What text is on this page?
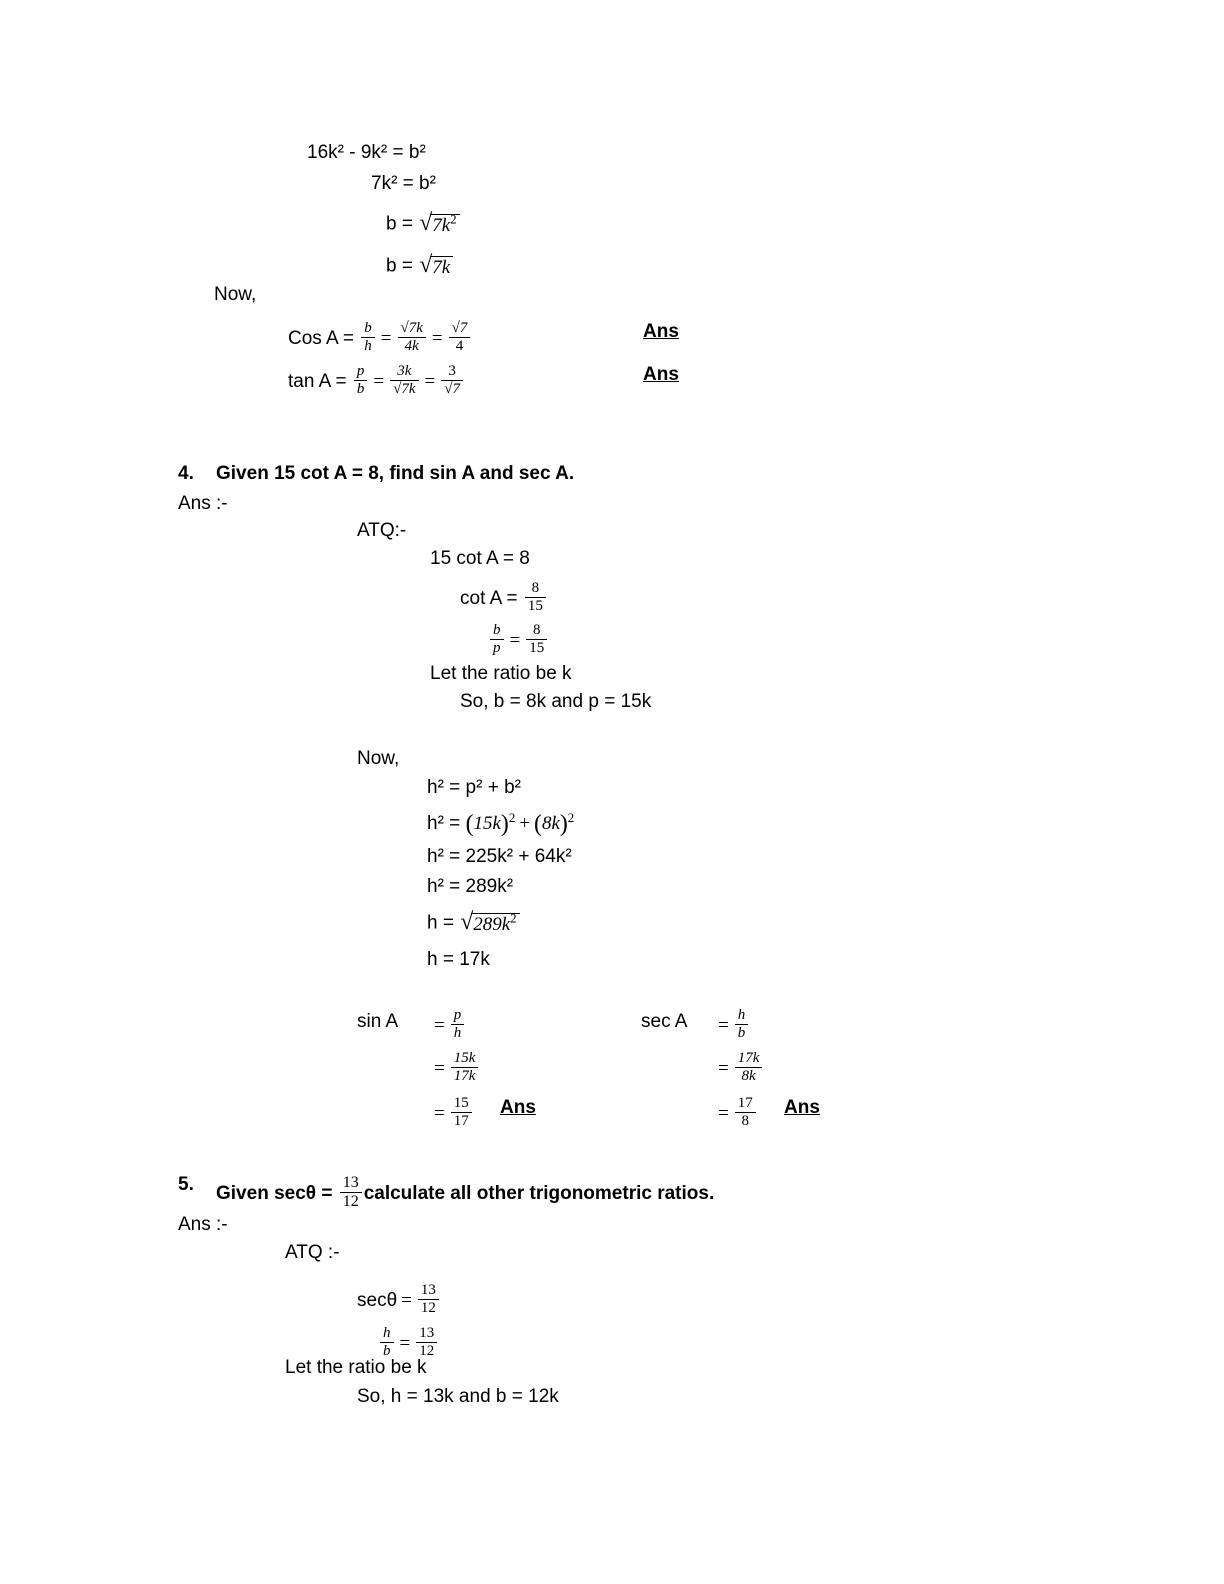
16k² - 9k² = b²
7k² = b²
b = √ $7k^2$
b = √ 7k
Now,
Cos $A = \frac{b}{h} = \frac{√7k}{4k} = \frac{√7}{4}$	Ans
$\tan A = \frac{p}{b} = \frac{3k}{√7k} = \frac{3}{√7}$	Ans
4. Given 15 cot A = 8, find sin A and sec A.
Ans :-
ATQ:-
15 cot A = 8
$\cot A = \frac{8}{15}$
$\frac{b}{p} = \frac{8}{15}$
Let the ratio be k
So, b = 8k and p = 15k
Now,
h² = p² + b²
$h^2 = (15k)^2 + (8k)^2$
h² = 225k² + 64k²
h² = 289k²
h = √ $289k^2$
h = 17k
$\sin A = \frac{p}{h}$
= $\frac{15k}{17k}$
= $\frac{15}{17}$ Ans
$\sec A = \frac{h}{b}$
= $\frac{17k}{8k}$
= $\frac{17}{8}$ Ans
5. Given $\sec\theta = \frac{13}{12}$ calculate all other trigonometric ratios.
Ans :-
ATQ :-
$\sec\theta = \frac{13}{12}$
$\frac{h}{b} = \frac{13}{12}$
Let the ratio be k
So, h = 13k and b = 12k
